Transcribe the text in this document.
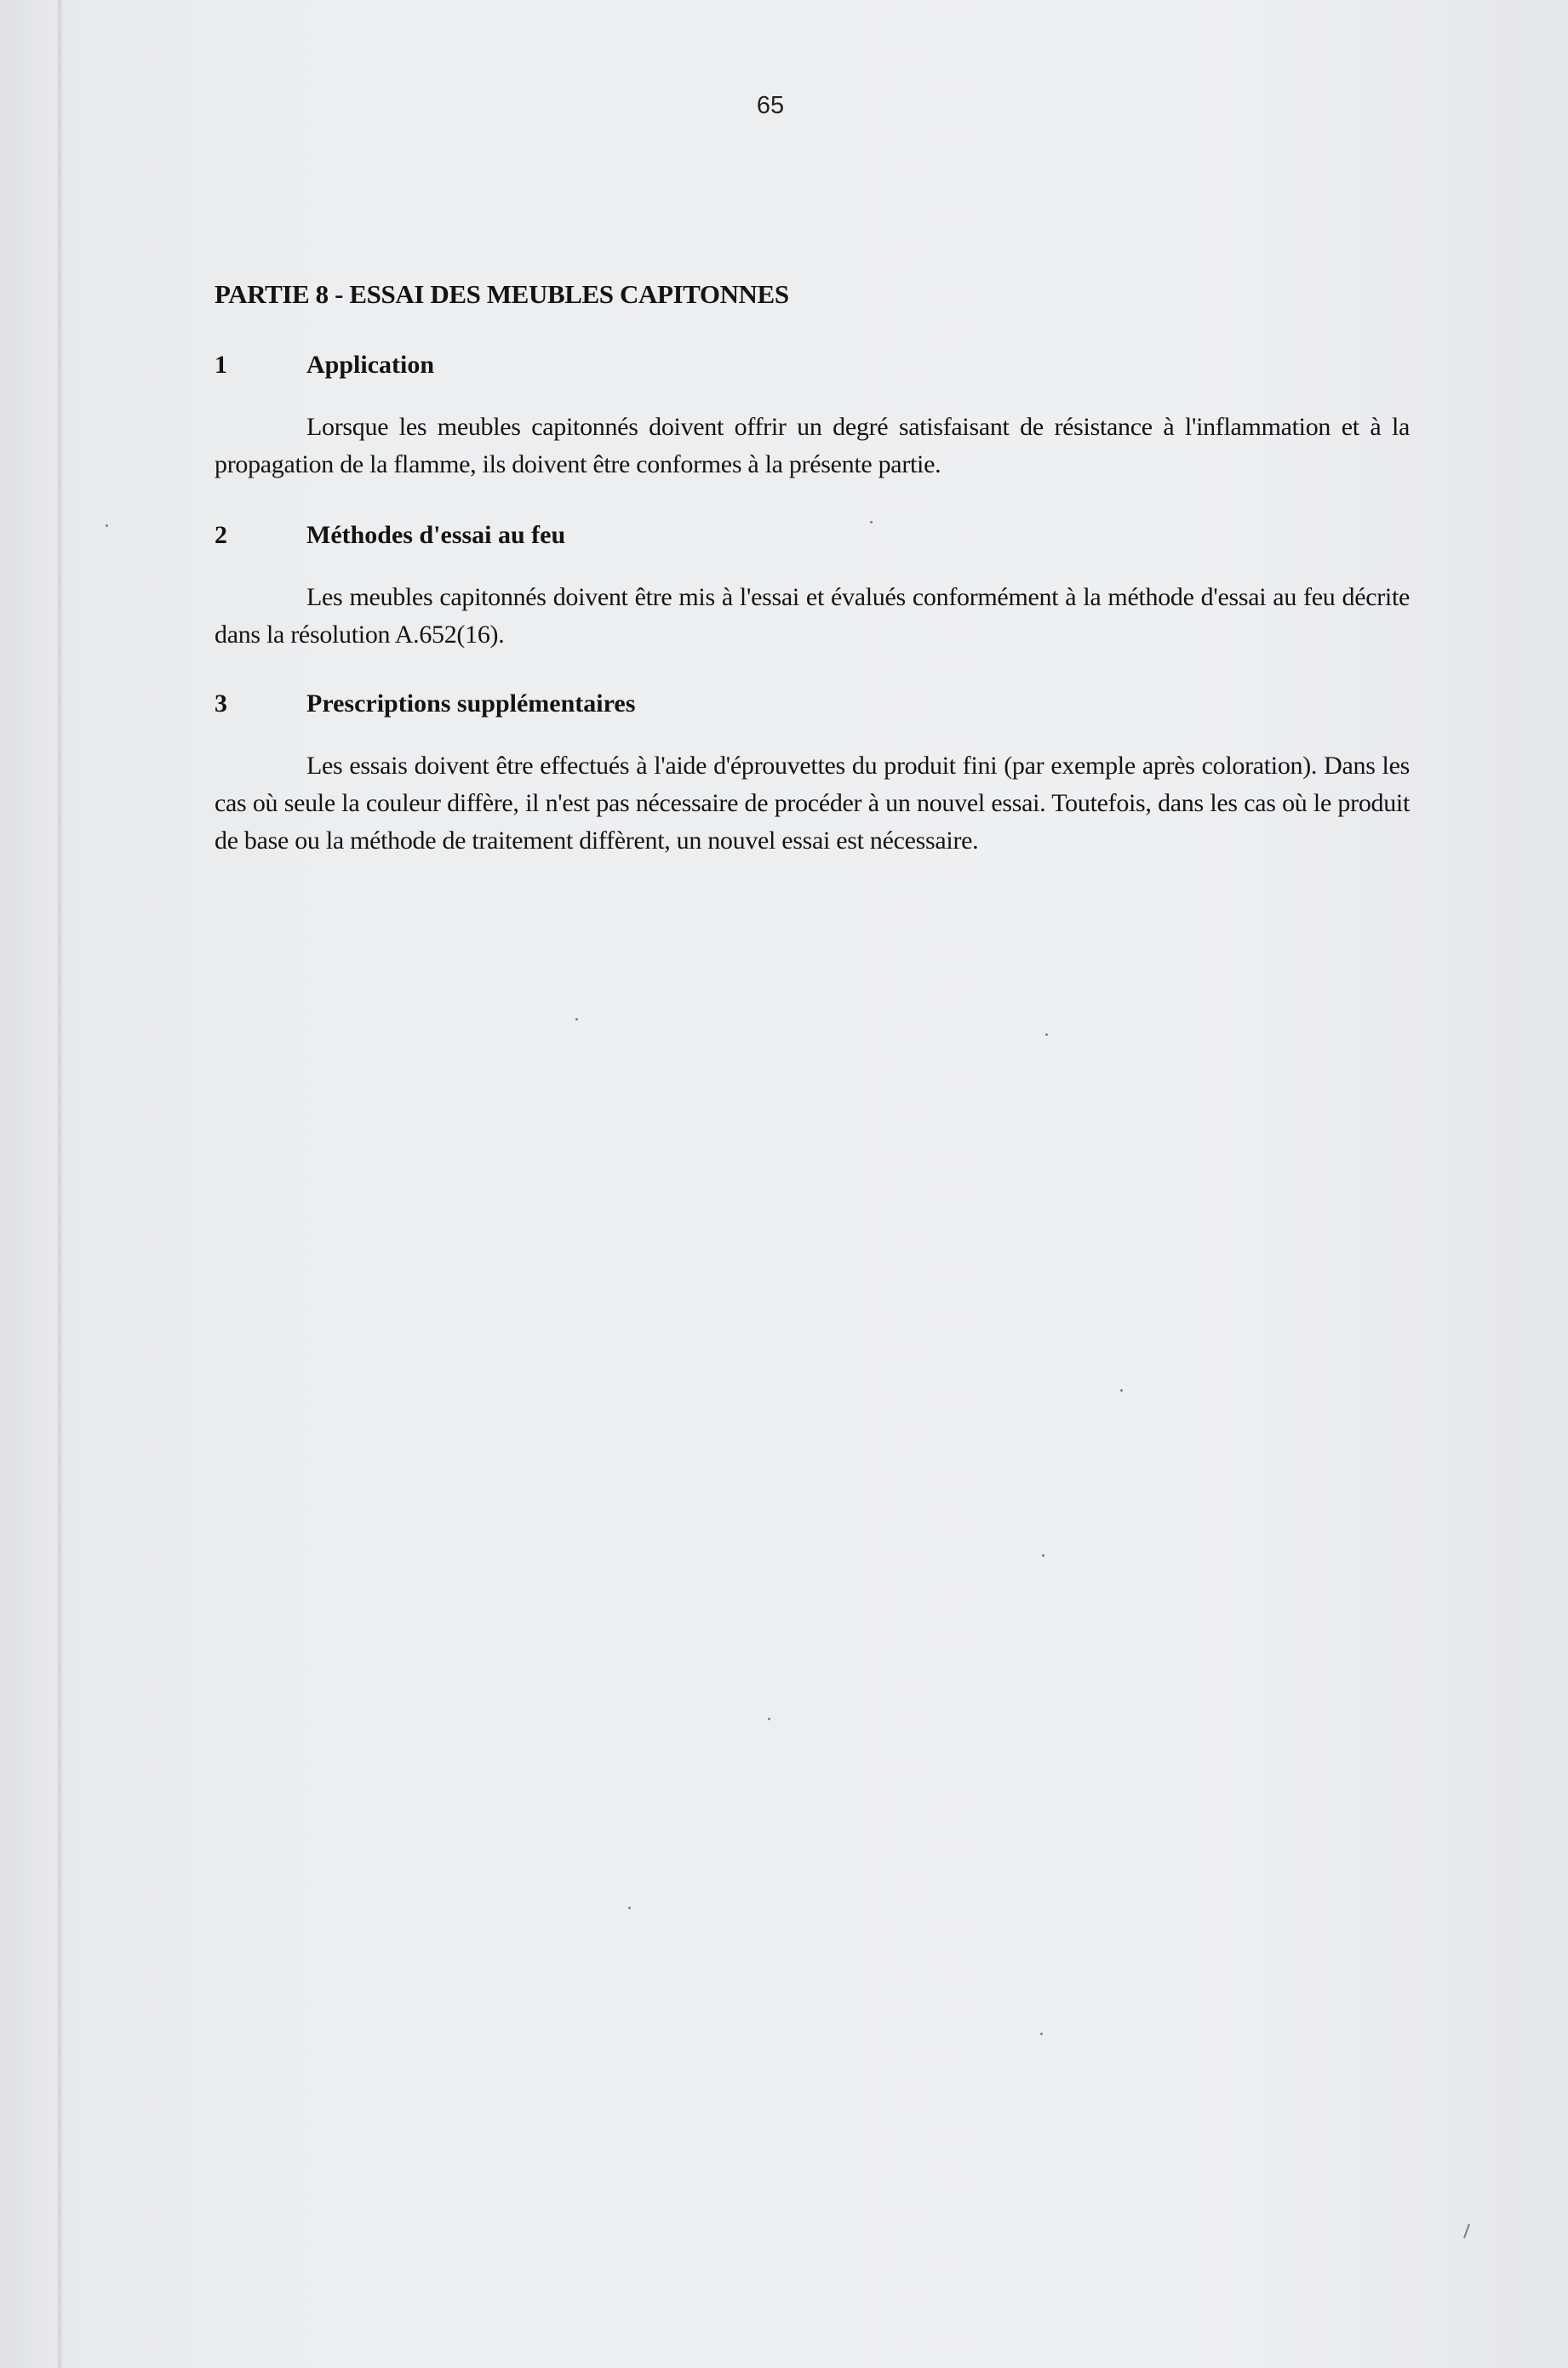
65
PARTIE 8 - ESSAI DES MEUBLES CAPITONNES
1	Application
Lorsque les meubles capitonnés doivent offrir un degré satisfaisant de résistance à l'inflammation et à la propagation de la flamme, ils doivent être conformes à la présente partie.
2	Méthodes d'essai au feu
Les meubles capitonnés doivent être mis à l'essai et évalués conformément à la méthode d'essai au feu décrite dans la résolution A.652(16).
3	Prescriptions supplémentaires
Les essais doivent être effectués à l'aide d'éprouvettes du produit fini (par exemple après coloration). Dans les cas où seule la couleur diffère, il n'est pas nécessaire de procéder à un nouvel essai. Toutefois, dans les cas où le produit de base ou la méthode de traitement diffèrent, un nouvel essai est nécessaire.
